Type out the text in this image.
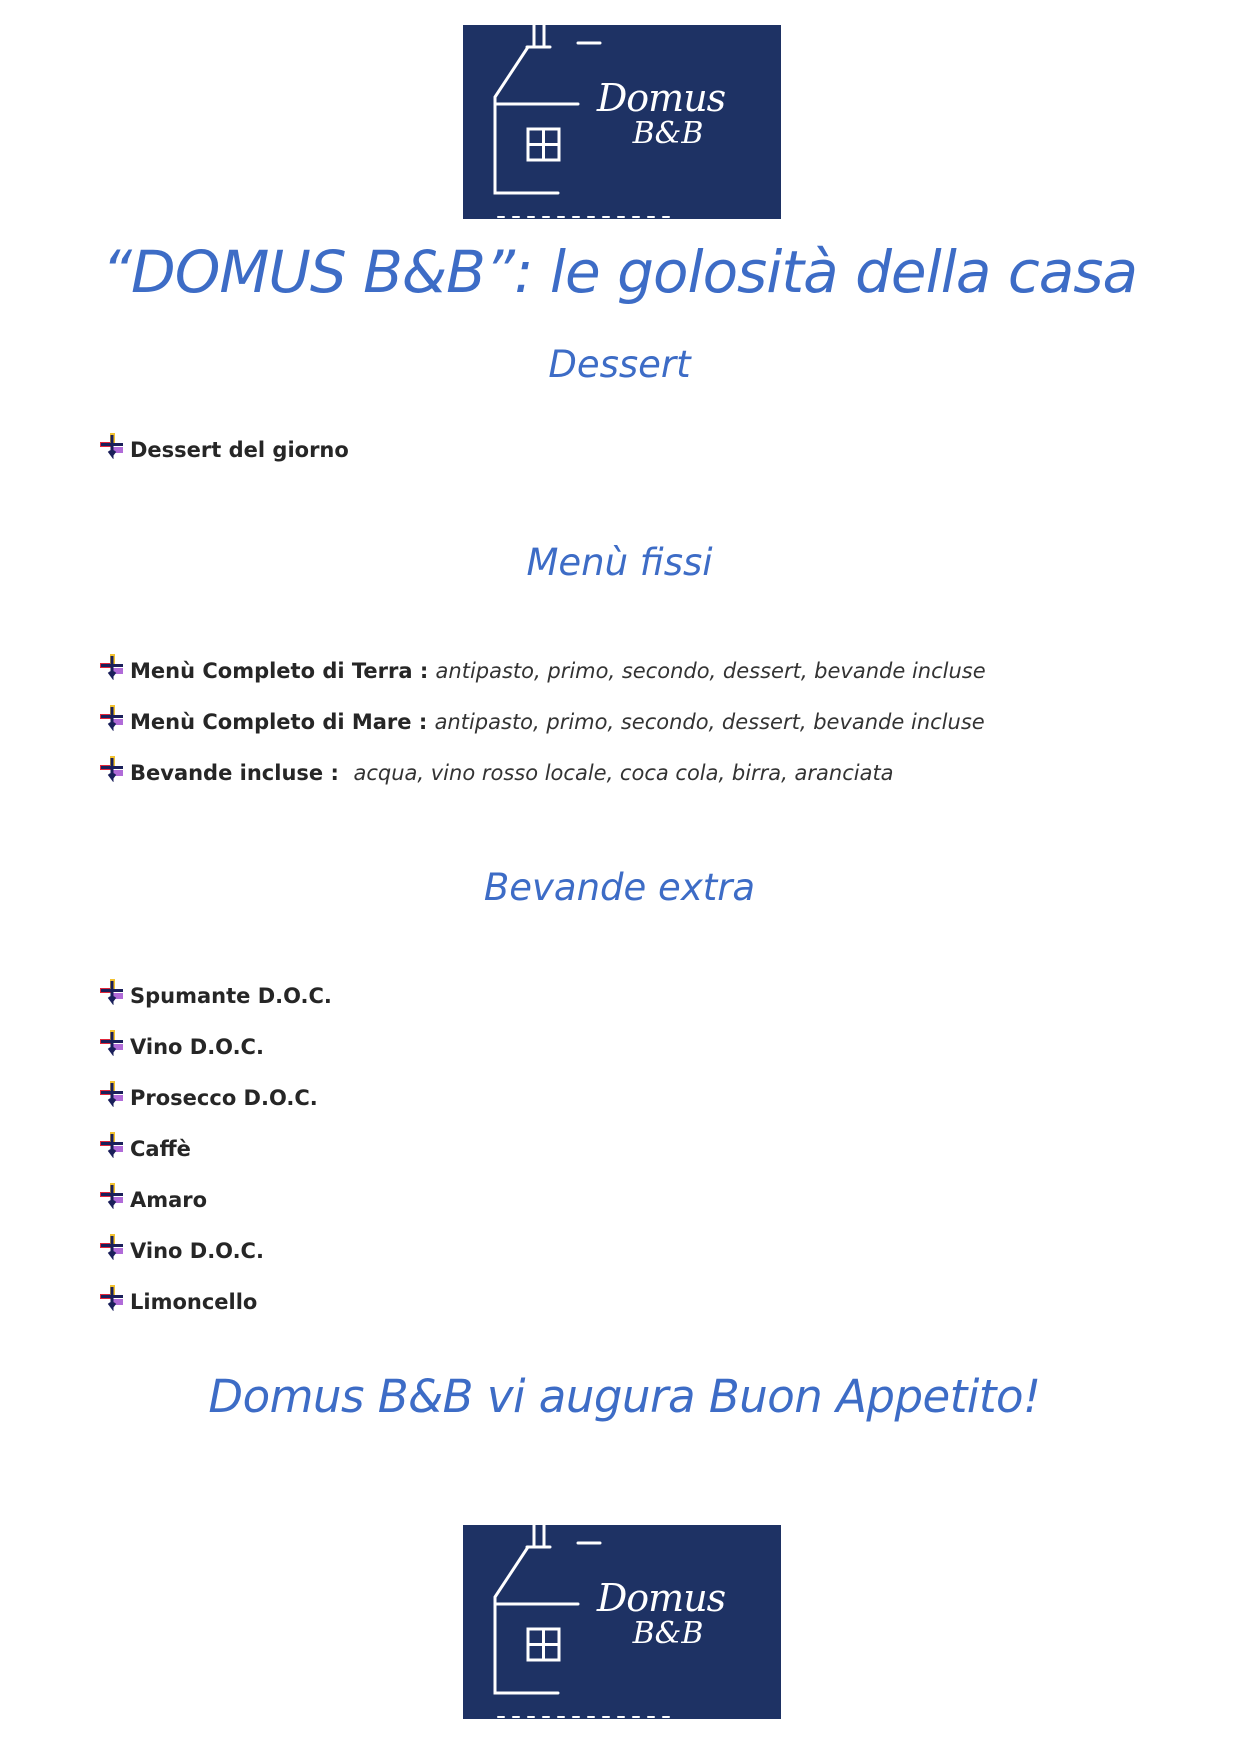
Domus
B&B
“DOMUS B&B”: le golosità della casa
Dessert
Dessert del giorno
Menù fissi
Menù Completo di Terra : antipasto, primo, secondo, dessert, bevande incluse
Menù Completo di Mare : antipasto, primo, secondo, dessert, bevande incluse
Bevande incluse :  acqua, vino rosso locale, coca cola, birra, aranciata
Bevande extra
Spumante D.O.C.
Vino D.O.C.
Prosecco D.O.C.
Caffè
Amaro
Vino D.O.C.
Limoncello
Domus B&B vi augura Buon Appetito!
Domus
B&B
